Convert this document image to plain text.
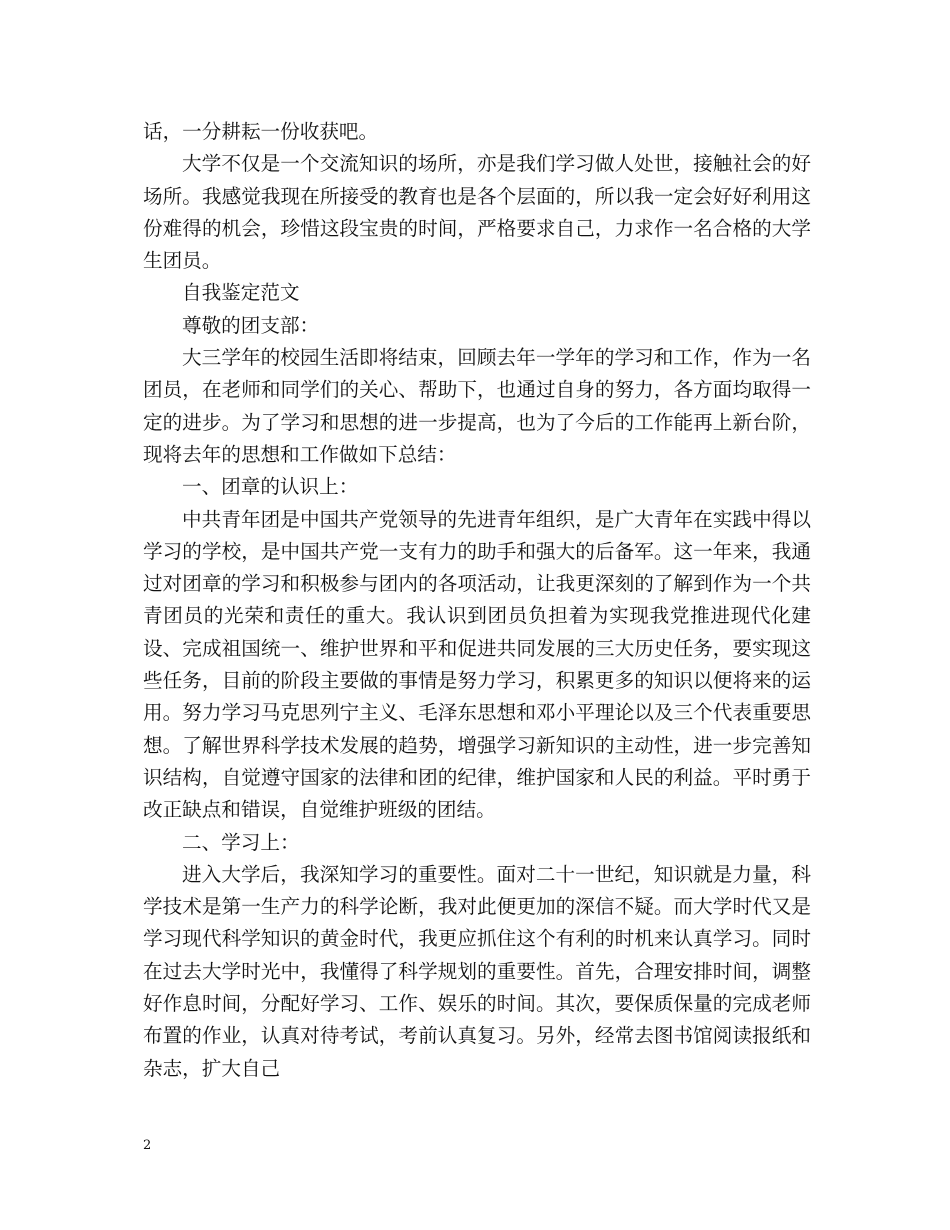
话，一分耕耘一份收获吧。
大学不仅是一个交流知识的场所，亦是我们学习做人处世，接触社会的好场所。我感觉我现在所接受的教育也是各个层面的，所以我一定会好好利用这份难得的机会，珍惜这段宝贵的时间，严格要求自己，力求作一名合格的大学生团员。
自我鉴定范文
尊敬的团支部：
大三学年的校园生活即将结束，回顾去年一学年的学习和工作，作为一名团员，在老师和同学们的关心、帮助下，也通过自身的努力，各方面均取得一定的进步。为了学习和思想的进一步提高，也为了今后的工作能再上新台阶，现将去年的思想和工作做如下总结：
一、团章的认识上：
中共青年团是中国共产党领导的先进青年组织，是广大青年在实践中得以学习的学校，是中国共产党一支有力的助手和强大的后备军。这一年来，我通过对团章的学习和积极参与团内的各项活动，让我更深刻的了解到作为一个共青团员的光荣和责任的重大。我认识到团员负担着为实现我党推进现代化建设、完成祖国统一、维护世界和平和促进共同发展的三大历史任务，要实现这些任务，目前的阶段主要做的事情是努力学习，积累更多的知识以便将来的运用。努力学习马克思列宁主义、毛泽东思想和邓小平理论以及三个代表重要思想。了解世界科学技术发展的趋势，增强学习新知识的主动性，进一步完善知识结构，自觉遵守国家的法律和团的纪律，维护国家和人民的利益。平时勇于改正缺点和错误，自觉维护班级的团结。
二、学习上：
进入大学后，我深知学习的重要性。面对二十一世纪，知识就是力量，科学技术是第一生产力的科学论断，我对此便更加的深信不疑。而大学时代又是学习现代科学知识的黄金时代，我更应抓住这个有利的时机来认真学习。同时在过去大学时光中，我懂得了科学规划的重要性。首先，合理安排时间，调整好作息时间，分配好学习、工作、娱乐的时间。其次，要保质保量的完成老师布置的作业，认真对待考试，考前认真复习。另外，经常去图书馆阅读报纸和杂志，扩大自己
2
